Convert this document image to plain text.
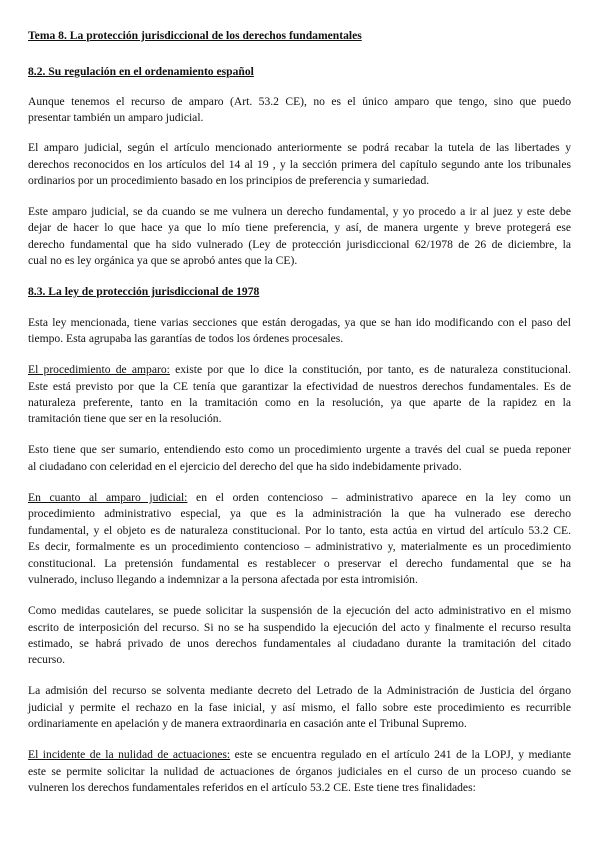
Tema 8. La protección jurisdiccional de los derechos fundamentales
8.2. Su regulación en el ordenamiento español
Aunque tenemos el recurso de amparo (Art. 53.2 CE), no es el único amparo que tengo, sino que puedo
presentar también un amparo judicial.
El amparo judicial, según el artículo mencionado anteriormente se podrá recabar la tutela de las libertades y
derechos reconocidos en los artículos del 14 al 19 , y la sección primera del capítulo segundo ante los tribunales
ordinarios por un procedimiento basado en los principios de preferencia y sumariedad.
Este amparo judicial, se da cuando se me vulnera un derecho fundamental, y yo procedo a ir al juez y este debe
dejar de hacer lo que hace ya que lo mío tiene preferencia, y así, de manera urgente y breve protegerá ese
derecho fundamental que ha sido vulnerado (Ley de protección jurisdiccional 62/1978 de 26 de diciembre, la
cual no es ley orgánica ya que se aprobó antes que la CE).
8.3. La ley de protección jurisdiccional de 1978
Esta ley mencionada, tiene varias secciones que están derogadas, ya que se han ido modificando con el paso del
tiempo. Esta agrupaba las garantías de todos los órdenes procesales.
El procedimiento de amparo: existe por que lo dice la constitución, por tanto, es de naturaleza constitucional.
Este está previsto por que la CE tenía que garantizar la efectividad de nuestros derechos fundamentales. Es de
naturaleza preferente, tanto en la tramitación como en la resolución, ya que aparte de la rapidez en la
tramitación tiene que ser en la resolución.
Esto tiene que ser sumario, entendiendo esto como un procedimiento urgente a través del cual se pueda reponer
al ciudadano con celeridad en el ejercicio del derecho del que ha sido indebidamente privado.
En cuanto al amparo judicial: en el orden contencioso – administrativo aparece en la ley como un
procedimiento administrativo especial, ya que es la administración la que ha vulnerado ese derecho
fundamental, y el objeto es de naturaleza constitucional. Por lo tanto, esta actúa en virtud del artículo 53.2 CE.
Es decir, formalmente es un procedimiento contencioso – administrativo y, materialmente es un procedimiento
constitucional. La pretensión fundamental es restablecer o preservar el derecho fundamental que se ha
vulnerado, incluso llegando a indemnizar a la persona afectada por esta intromisión.
Como medidas cautelares, se puede solicitar la suspensión de la ejecución del acto administrativo en el mismo
escrito de interposición del recurso. Si no se ha suspendido la ejecución del acto y finalmente el recurso resulta
estimado, se habrá privado de unos derechos fundamentales al ciudadano durante la tramitación del citado
recurso.
La admisión del recurso se solventa mediante decreto del Letrado de la Administración de Justicia del órgano
judicial y permite el rechazo en la fase inicial, y así mismo, el fallo sobre este procedimiento es recurrible
ordinariamente en apelación y de manera extraordinaria en casación ante el Tribunal Supremo.
El incidente de la nulidad de actuaciones: este se encuentra regulado en el artículo 241 de la LOPJ, y mediante
este se permite solicitar la nulidad de actuaciones de órganos judiciales en el curso de un proceso cuando se
vulneren los derechos fundamentales referidos en el artículo 53.2 CE. Este tiene tres finalidades:
